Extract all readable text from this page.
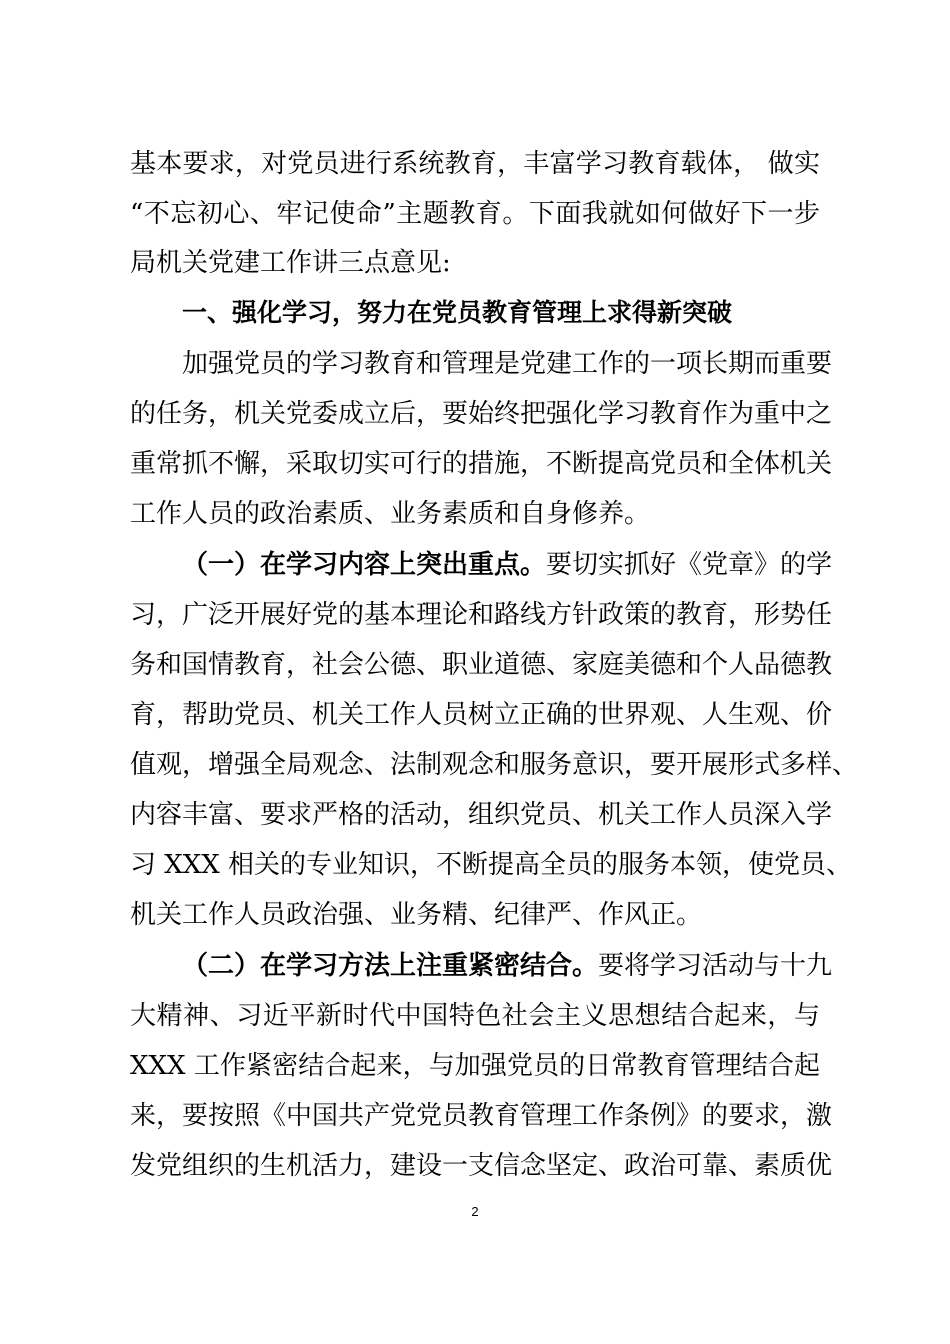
基本要求，对党员进行系统教育，丰富学习教育载体， 做实
“不忘初心、牢记使命”主题教育。下面我就如何做好下一步
局机关党建工作讲三点意见:
一、强化学习，努力在党员教育管理上求得新突破
加强党员的学习教育和管理是党建工作的一项长期而重要
的任务，机关党委成立后，要始终把强化学习教育作为重中之
重常抓不懈，采取切实可行的措施，不断提高党员和全体机关
工作人员的政治素质、业务素质和自身修养。
（一）在学习内容上突出重点。 要切实抓好《党章》的学
习，广泛开展好党的基本理论和路线方针政策的教育，形势任
务和国情教育，社会公德、职业道德、家庭美德和个人品德教
育，帮助党员、机关工作人员树立正确的世界观、人生观、价
值观，增强全局观念、法制观念和服务意识，要开展形式多样、
内容丰富、要求严格的活动，组织党员、机关工作人员深入学
习 XXX 相关的专业知识，不断提高全员的服务本领，使党员、
机关工作人员政治强、业务精、纪律严、作风正。
（二）在学习方法上注重紧密结合。 要将学习活动与十九
大精神、习近平新时代中国特色社会主义思想结合起来，与
XXX 工作紧密结合起来，与加强党员的日常教育管理结合起
来，要按照《中国共产党党员教育管理工作条例》的要求，激
发党组织的生机活力，建设一支信念坚定、政治可靠、素质优
2
